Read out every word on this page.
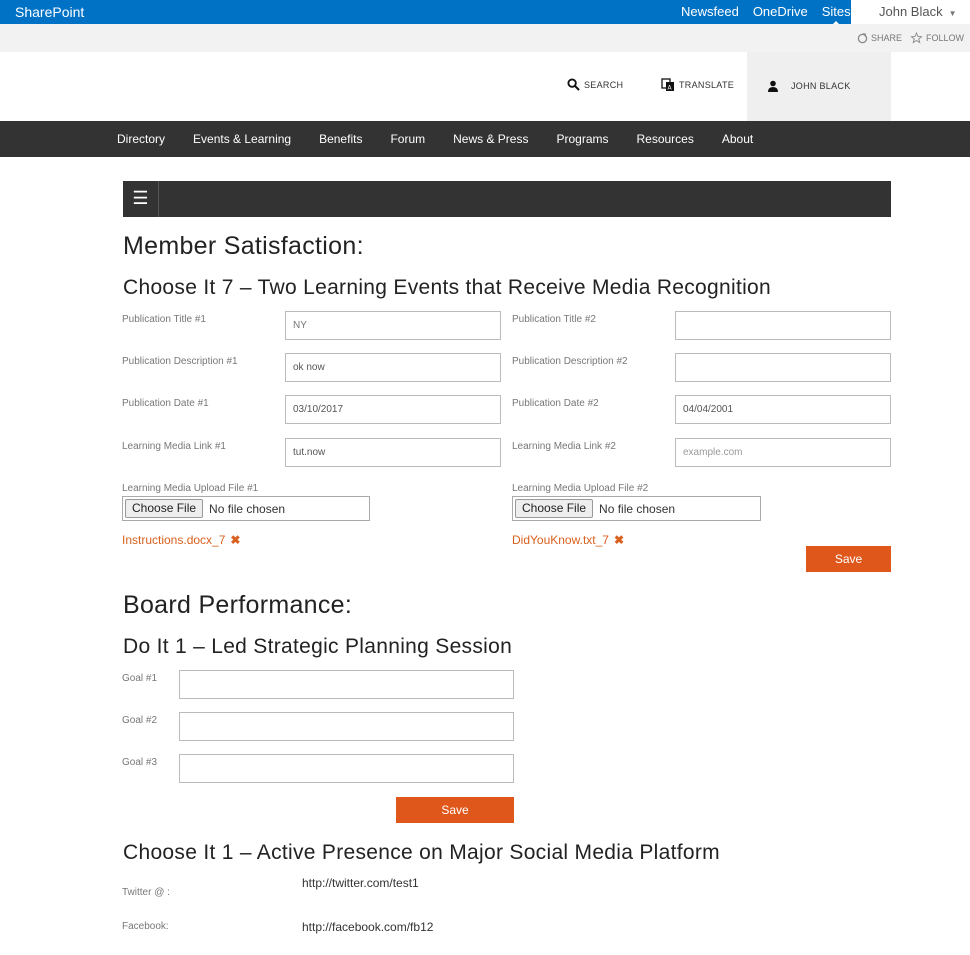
SharePoint	Newsfeed OneDrive Sites	John Black ▼
SHARE	FOLLOW
SEARCH	A TRANSLATE	JOHN BLACK
Directory Events & Learning Benefits Forum News & Press Programs Resources About
☰
Member Satisfaction:
Choose It 7 – Two Learning Events that Receive Media Recognition
Publication Title #1
NY
Publication Description #1
ok now
Publication Date #1
03/10/2017
Learning Media Link #1
tut.now
Learning Media Upload File #1
Choose File	No file chosen
Instructions.docx_7 ✖
Publication Title #2
Publication Description #2
Publication Date #2
04/04/2001
Learning Media Link #2
example.com
Learning Media Upload File #2
Choose File	No file chosen
DidYouKnow.txt_7 ✖
Save
Board Performance:
Do It 1 – Led Strategic Planning Session
Goal #1
Goal #2
Goal #3
Save
Choose It 1 – Active Presence on Major Social Media Platform
Twitter @ :
http://twitter.com/test1
Facebook:	http://facebook.com/fb12
